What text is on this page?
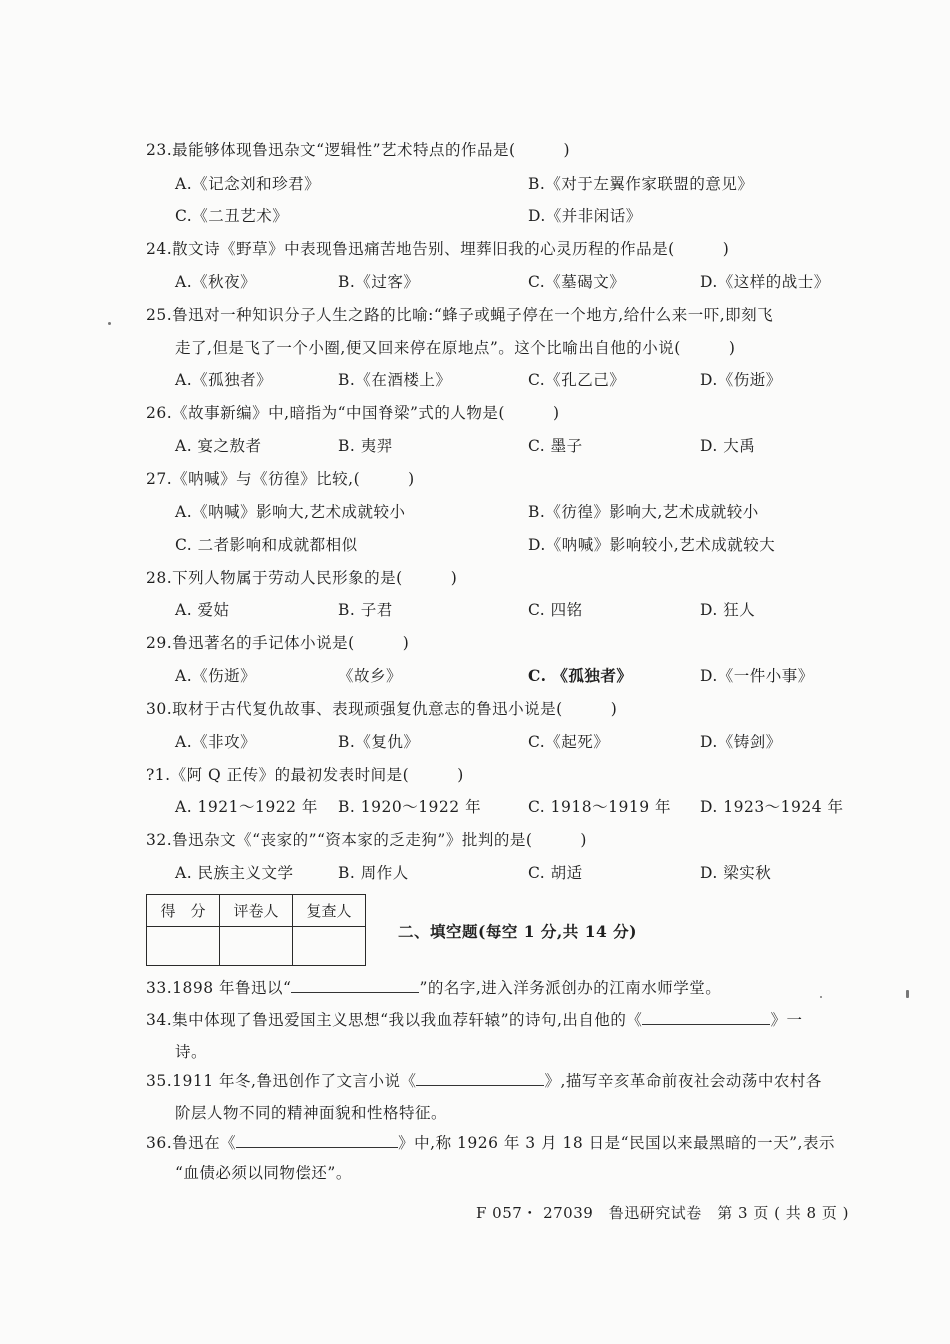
23.最能够体现鲁迅杂文“逻辑性”艺术特点的作品是(　　　)
A.《记念刘和珍君》	B.《对于左翼作家联盟的意见》
C.《二丑艺术》	D.《并非闲话》
24.散文诗《野草》中表现鲁迅痛苦地告别、埋葬旧我的心灵历程的作品是(　　　)
A.《秋夜》	B.《过客》	C.《墓碣文》	D.《这样的战士》
25.鲁迅对一种知识分子人生之路的比喻:“蜂子或蝇子停在一个地方,给什么来一吓,即刻飞
走了,但是飞了一个小圈,便又回来停在原地点”。这个比喻出自他的小说(　　　)
A.《孤独者》	B.《在酒楼上》	C.《孔乙己》	D.《伤逝》
26.《故事新编》中,暗指为“中国脊梁”式的人物是(　　　)
A. 宴之敖者	B. 夷羿	C. 墨子	D. 大禹
27.《呐喊》与《彷徨》比较,(　　　)
A.《呐喊》影响大,艺术成就较小	B.《彷徨》影响大,艺术成就较小
C. 二者影响和成就都相似	D.《呐喊》影响较小,艺术成就较大
28.下列人物属于劳动人民形象的是(　　　)
A. 爱姑	B. 子君	C. 四铭	D. 狂人
29.鲁迅著名的手记体小说是(　　　)
A.《伤逝》	《故乡》	C. 《孤独者》	D.《一件小事》
30.取材于古代复仇故事、表现顽强复仇意志的鲁迅小说是(　　　)
A.《非攻》	B.《复仇》	C.《起死》	D.《铸剑》
?1.《阿 Q 正传》的最初发表时间是(　　　)
A. 1921～1922 年 B. 1920～1922 年	C. 1918～1919 年 D. 1923～1924 年
32.鲁迅杂文《“丧家的”“资本家的乏走狗”》批判的是(　　　)
A. 民族主义文学	B. 周作人	C. 胡适	D. 梁实秋
得　分	评卷人	复查人

二、填空题(每空 1 分,共 14 分)
33.1898 年鲁迅以“	”的名字,进入洋务派创办的江南水师学堂。
34.集中体现了鲁迅爱国主义思想“我以我血荐轩辕”的诗句,出自他的《	》一
诗。
35.1911 年冬,鲁迅创作了文言小说《	》,描写辛亥革命前夜社会动荡中农村各
阶层人物不同的精神面貌和性格特征。
36.鲁迅在《	》中,称 1926 年 3 月 18 日是“民国以来最黑暗的一天”,表示
“血债必须以同物偿还”。
F 057・ 27039　鲁迅研究试卷　第 3 页 ( 共 8 页 )
